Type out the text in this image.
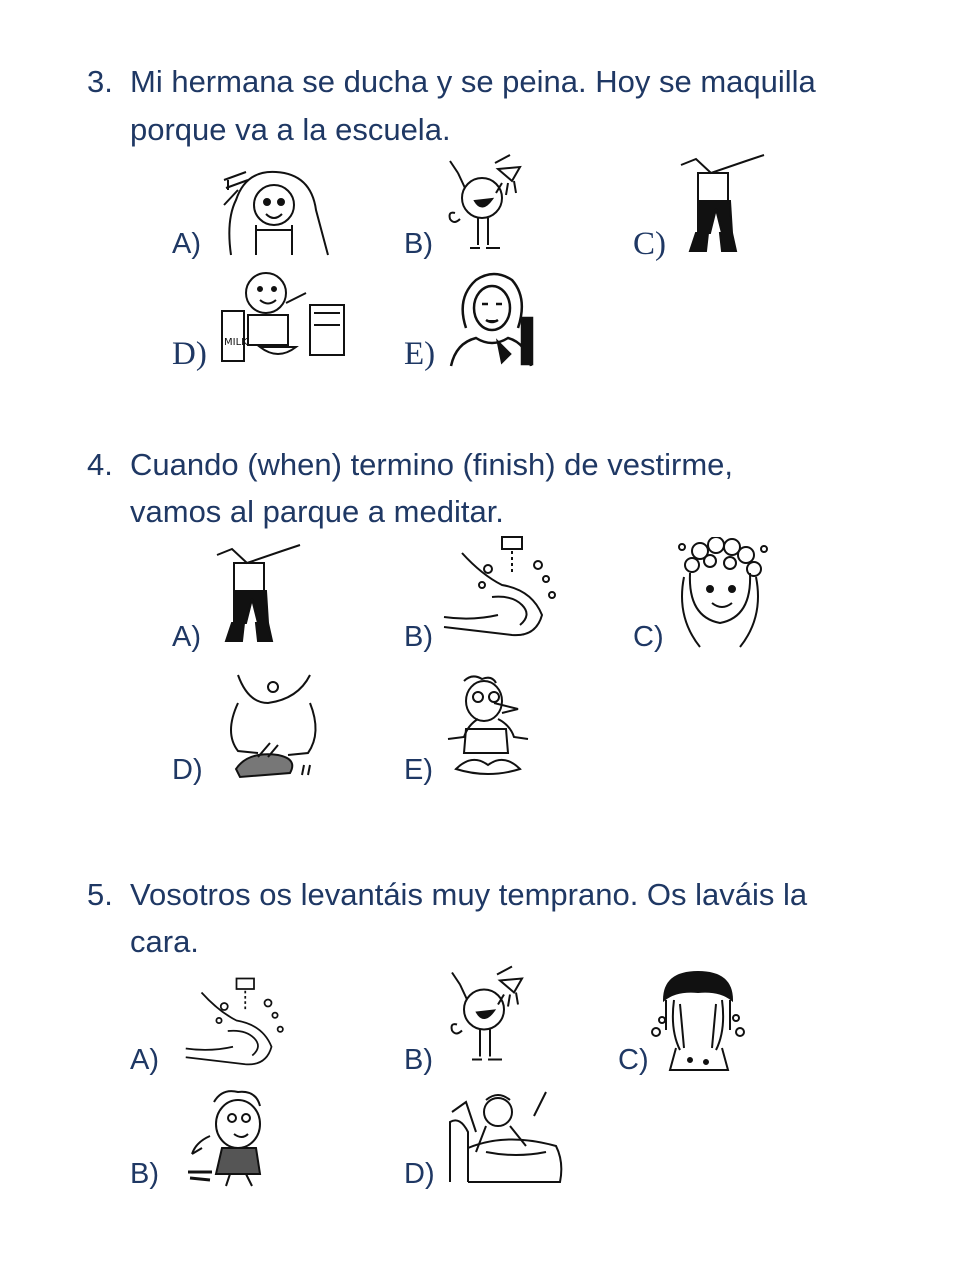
3. Mi hermana se ducha y se peina. Hoy se maquilla
porque va a la escuela.
A)	B)	C)
D) MILK	E)
4. Cuando (when) termino (finish) de vestirme,
vamos al parque a meditar.
A)	B)	C)
D)	E)
5. Vosotros os levantáis muy temprano. Os laváis la
cara.
A)	B)	C)
B)	D)
